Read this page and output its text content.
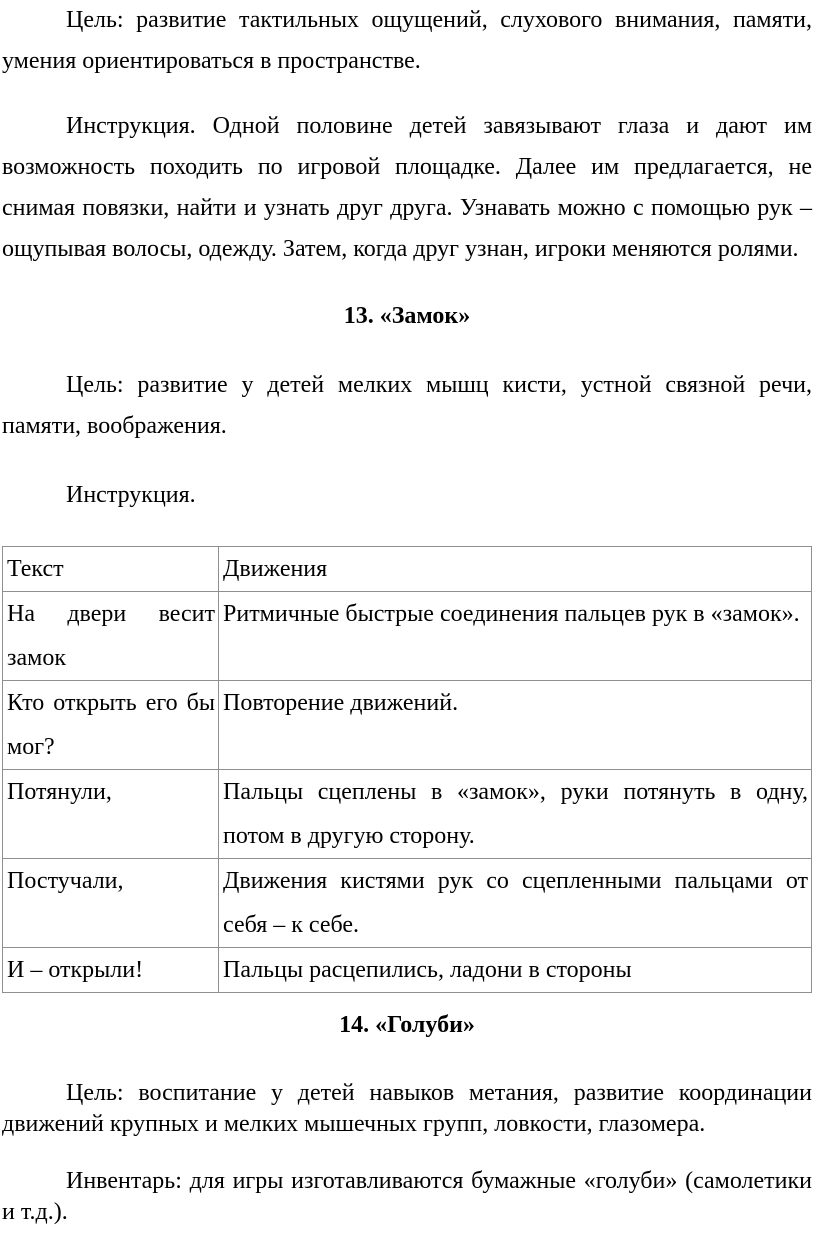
Цель: развитие тактильных ощущений, слухового внимания, памяти, умения ориентироваться в пространстве.

Инструкция. Одной половине детей завязывают глаза и дают им возможность походить по игровой площадке. Далее им предлагается, не снимая повязки, найти и узнать друг друга. Узнавать можно с помощью рук – ощупывая волосы, одежду. Затем, когда друг узнан, игроки меняются ролями.

13. «Замок»

Цель: развитие у детей мелких мышц кисти, устной связной речи, памяти, воображения.

Инструкция.

Текст	Движения
На двери весит замок	Ритмичные быстрые соединения пальцев рук в «замок».
Кто открыть его бы мог?	Повторение движений.
Потянули,	Пальцы сцеплены в «замок», руки потянуть в одну, потом в другую сторону.
Постучали,	Движения кистями рук со сцепленными пальцами от себя – к себе.
И – открыли!	Пальцы расцепились, ладони в стороны

14. «Голуби»

Цель: воспитание у детей навыков метания, развитие координации движений крупных и мелких мышечных групп, ловкости, глазомера.

Инвентарь: для игры изготавливаются бумажные «голуби» (самолетики и т.д.).
